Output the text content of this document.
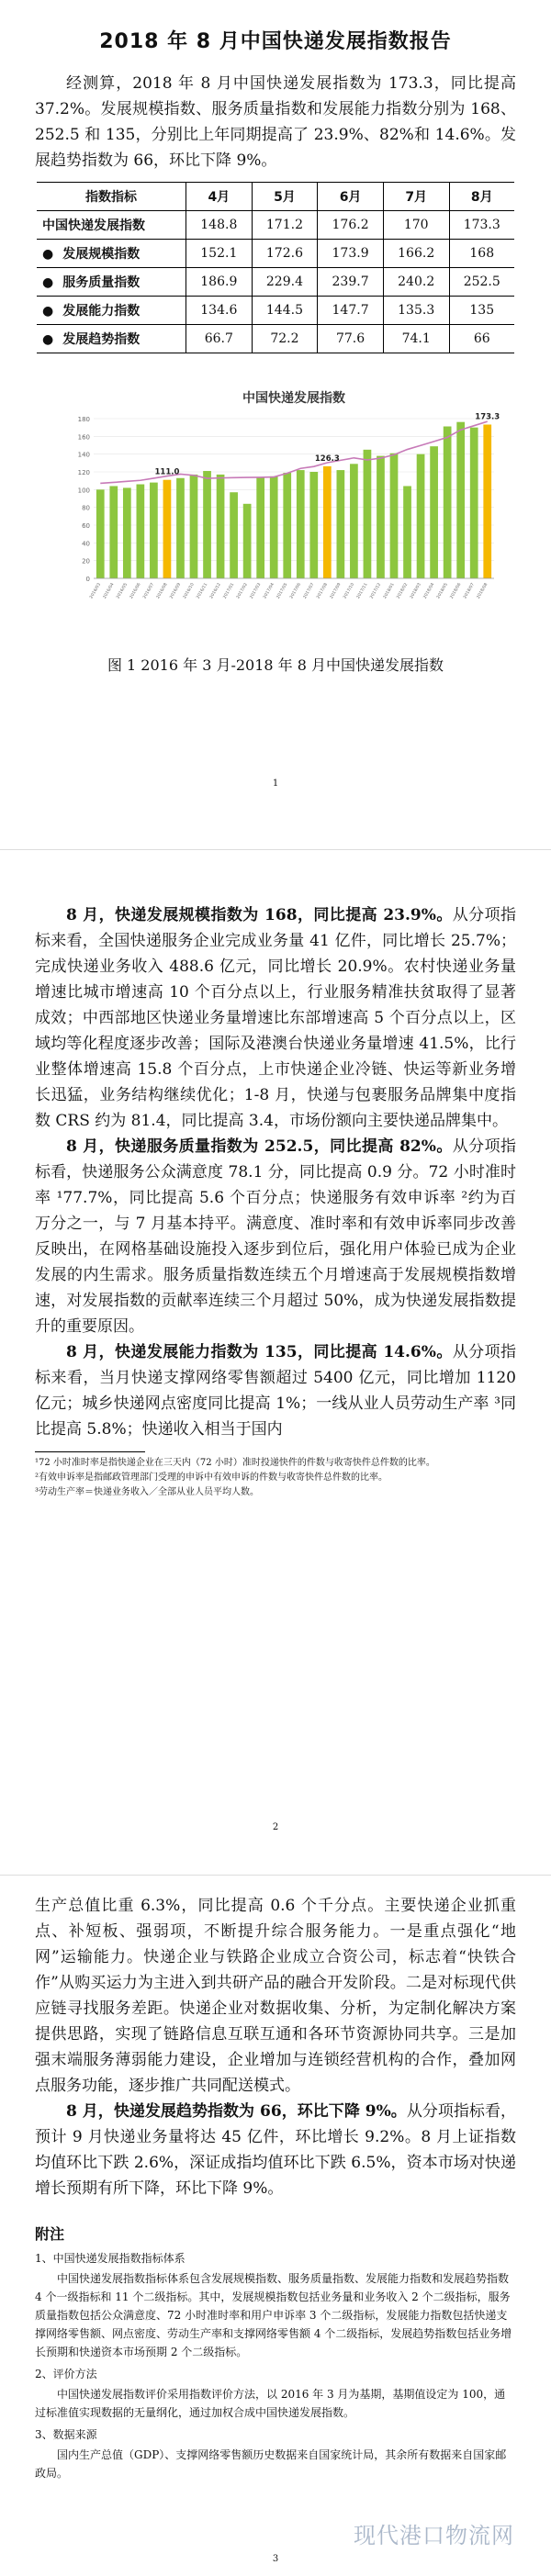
2018 年 8 月中国快递发展指数报告

经测算，2018 年 8 月中国快递发展指数为 173.3，同比提高 37.2%。发展规模指数、服务质量指数和发展能力指数分别为 168、252.5 和 135，分别比上年同期提高了 23.9%、82%和 14.6%。发展趋势指数为 66，环比下降 9%。

指数指标	4月	5月	6月	7月	8月
中国快递发展指数	148.8	171.2	176.2	170	173.3
● 发展规模指数	152.1	172.6	173.9	166.2	168
● 服务质量指数	186.9	229.4	239.7	240.2	252.5
● 发展能力指数	134.6	144.5	147.7	135.3	135
● 发展趋势指数	66.7	72.2	77.6	74.1	66
中国快递发展指数
0
20
40
60
80
100
120
140
160
180
2016/03 2016/04 2016/05 2016/06 2016/07 2016/08 2016/09 2016/10 2016/11 2016/12 2017/01 2017/02 2017/03 2017/04 2017/05 2017/06 2017/07 2017/08 2017/09 2017/10 2017/11 2017/12 2018/01 2018/02 2018/03 2018/04 2018/05 2018/06 2018/07 2018/08
111.0
126.3
173.3
图 1 2016 年 3 月-2018 年 8 月中国快递发展指数
1

8 月，快递发展规模指数为 168，同比提高 23.9%。从分项指标来看，全国快递服务企业完成业务量 41 亿件，同比增长 25.7%；完成快递业务收入 488.6 亿元，同比增长 20.9%。农村快递业务量增速比城市增速高 10 个百分点以上，行业服务精准扶贫取得了显著成效；中西部地区快递业务量增速比东部增速高 5 个百分点以上，区域均等化程度逐步改善；国际及港澳台快递业务量增速 41.5%，比行业整体增速高 15.8 个百分点，上市快递企业冷链、快运等新业务增长迅猛，业务结构继续优化；1-8 月，快递与包裹服务品牌集中度指数 CRS 约为 81.4，同比提高 3.4，市场份额向主要快递品牌集中。

8 月，快递服务质量指数为 252.5，同比提高 82%。从分项指标看，快递服务公众满意度 78.1 分，同比提高 0.9 分。72 小时准时率 ¹77.7%，同比提高 5.6 个百分点；快递服务有效申诉率 ²约为百万分之一，与 7 月基本持平。满意度、准时率和有效申诉率同步改善反映出，在网格基础设施投入逐步到位后，强化用户体验已成为企业发展的内生需求。服务质量指数连续五个月增速高于发展规模指数增速，对发展指数的贡献率连续三个月超过 50%，成为快递发展指数提升的重要原因。

8 月，快递发展能力指数为 135，同比提高 14.6%。从分项指标来看，当月快递支撑网络零售额超过 5400 亿元，同比增加 1120 亿元；城乡快递网点密度同比提高 1%；一线从业人员劳动生产率 ³同比提高 5.8%；快递收入相当于国内

¹72 小时准时率是指快递企业在三天内（72 小时）准时投递快件的件数与收寄快件总件数的比率。
²有效申诉率是指邮政管理部门受理的申诉中有效申诉的件数与收寄快件总件数的比率。
³劳动生产率＝快递业务收入／全部从业人员平均人数。
2

生产总值比重 6.3%，同比提高 0.6 个千分点。主要快递企业抓重点、补短板、强弱项，不断提升综合服务能力。一是重点强化“地网”运输能力。快递企业与铁路企业成立合资公司，标志着“快铁合作”从购买运力为主进入到共研产品的融合开发阶段。二是对标现代供应链寻找服务差距。快递企业对数据收集、分析，为定制化解决方案提供思路，实现了链路信息互联互通和各环节资源协同共享。三是加强末端服务薄弱能力建设，企业增加与连锁经营机构的合作，叠加网点服务功能，逐步推广共同配送模式。

8 月，快递发展趋势指数为 66，环比下降 9%。从分项指标看，预计 9 月快递业务量将达 45 亿件，环比增长 9.2%。8 月上证指数均值环比下跌 2.6%，深证成指均值环比下跌 6.5%，资本市场对快递增长预期有所下降，环比下降 9%。

附注
1、中国快递发展指数指标体系
中国快递发展指数指标体系包含发展规模指数、服务质量指数、发展能力指数和发展趋势指数 4 个一级指标和 11 个二级指标。其中，发展规模指数包括业务量和业务收入 2 个二级指标，服务质量指数包括公众满意度、72 小时准时率和用户申诉率 3 个二级指标，发展能力指数包括快递支撑网络零售额、网点密度、劳动生产率和支撑网络零售额 4 个二级指标，发展趋势指数包括业务增长预期和快递资本市场预期 2 个二级指标。
2、评价方法
中国快递发展指数评价采用指数评价方法，以 2016 年 3 月为基期，基期值设定为 100，通过标准值实现数据的无量纲化，通过加权合成中国快递发展指数。
3、数据来源
国内生产总值（GDP）、支撑网络零售额历史数据来自国家统计局，其余所有数据来自国家邮政局。
现代港口物流网
3
